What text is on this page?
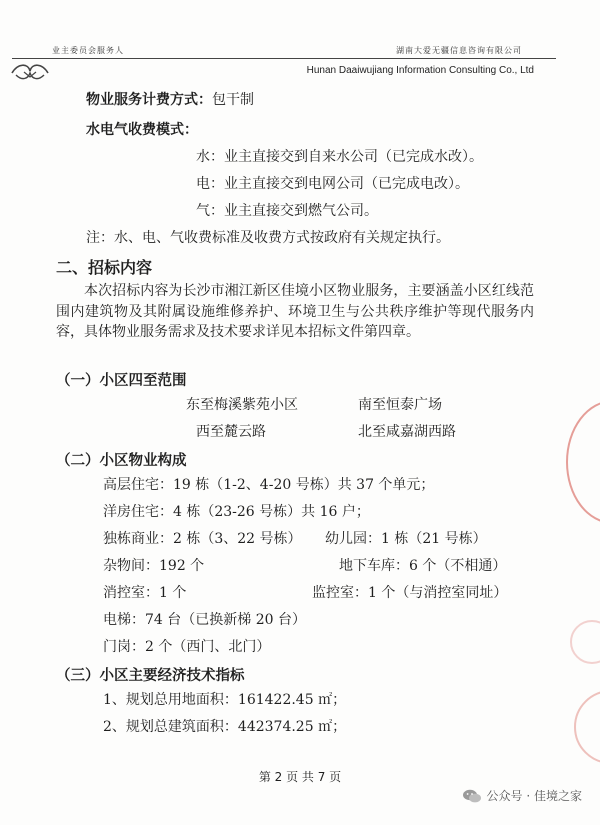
业主委员会服务人	湖南大爱无疆信息咨询有限公司
Hunan Daaiwujiang Information Consulting Co., Ltd
物业服务计费方式：包干制
水电气收费模式：
水：业主直接交到自来水公司（已完成水改）。
电：业主直接交到电网公司（已完成电改）。
气：业主直接交到燃气公司。
注：水、电、气收费标准及收费方式按政府有关规定执行。
二、招标内容
本次招标内容为长沙市湘江新区佳境小区物业服务，主要涵盖小区红线范围内建筑物及其附属设施维修养护、环境卫生与公共秩序维护等现代服务内容，具体物业服务需求及技术要求详见本招标文件第四章。
（一）小区四至范围
东至梅溪紫苑小区	南至恒泰广场
西至麓云路	北至咸嘉湖西路
（二）小区物业构成
高层住宅：19 栋（1-2、4-20 号栋）共 37 个单元；
洋房住宅：4 栋（23-26 号栋）共 16 户；
独栋商业：2 栋（3、22 号栋） 幼儿园：1 栋（21 号栋）
杂物间：192 个	地下车库：6 个（不相通）
消控室：1 个	监控室：1 个（与消控室同址）
电梯：74 台（已换新梯 20 台）
门岗：2 个（西门、北门）
（三）小区主要经济技术指标
1、规划总用地面积：161422.45 ㎡；
2、规划总建筑面积：442374.25 ㎡；
第 2 页 共 7 页
公众号 · 佳境之家
